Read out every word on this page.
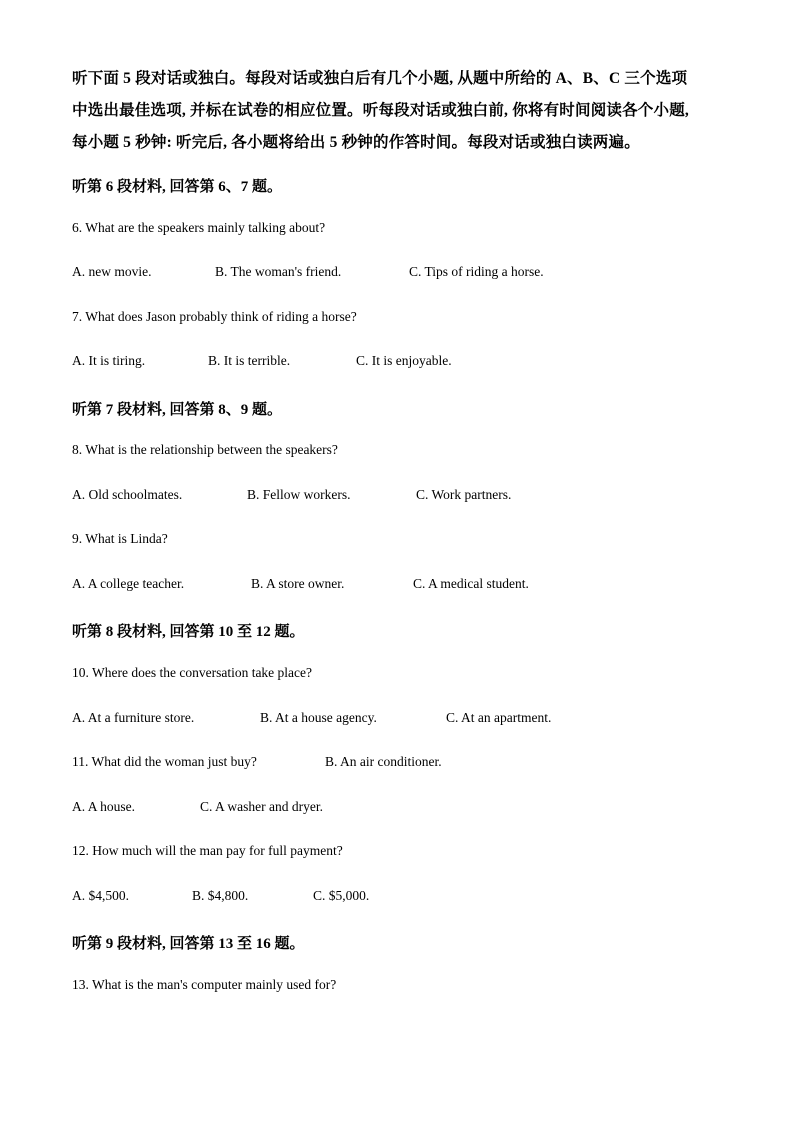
听下面 5 段对话或独白。每段对话或独白后有几个小题, 从题中所给的 A、B、C 三个选项
中选出最佳选项, 并标在试卷的相应位置。听每段对话或独白前, 你将有时间阅读各个小题,
每小题 5 秒钟: 听完后, 各小题将给出 5 秒钟的作答时间。每段对话或独白读两遍。
听第 6 段材料, 回答第 6、7 题。
6. What are the speakers mainly talking about?
A. new movie.	B. The woman's friend.	C. Tips of riding a horse.
7. What does Jason probably think of riding a horse?
A. It is tiring.	B. It is terrible.	C. It is enjoyable.
听第 7 段材料, 回答第 8、9 题。
8. What is the relationship between the speakers?
A. Old schoolmates.	B. Fellow workers.	C. Work partners.
9. What is Linda?
A. A college teacher.	B. A store owner.	C. A medical student.
听第 8 段材料, 回答第 10 至 12 题。
10. Where does the conversation take place?
A. At a furniture store.	B. At a house agency.	C. At an apartment.
11. What did the woman just buy?	B. An air conditioner.
A. A house.	C. A washer and dryer.
12. How much will the man pay for full payment?
A. $4,500.	B. $4,800.	C. $5,000.
听第 9 段材料, 回答第 13 至 16 题。
13. What is the man's computer mainly used for?
